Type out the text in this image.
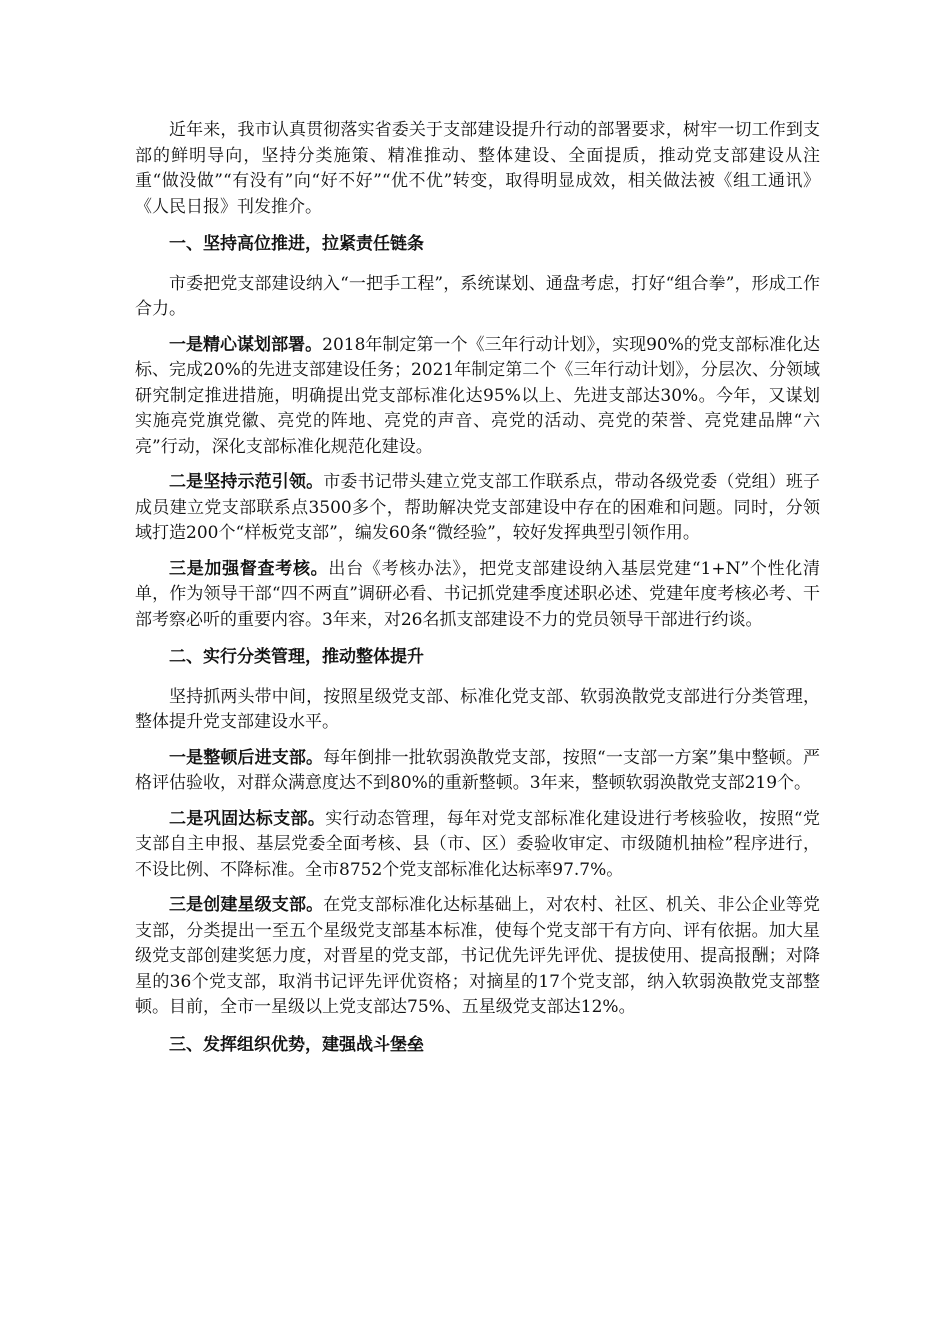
近年来，我市认真贯彻落实省委关于支部建设提升行动的部署要求，树牢一切工作到支部的鲜明导向，坚持分类施策、精准推动、整体建设、全面提质，推动党支部建设从注重“做没做”“有没有”向“好不好”“优不优”转变，取得明显成效，相关做法被《组工通讯》《人民日报》刊发推介。

一、坚持高位推进，拉紧责任链条

市委把党支部建设纳入“一把手工程”，系统谋划、通盘考虑，打好“组合拳”，形成工作合力。

一是精心谋划部署。2018年制定第一个《三年行动计划》，实现90%的党支部标准化达标、完成20%的先进支部建设任务；2021年制定第二个《三年行动计划》，分层次、分领域研究制定推进措施，明确提出党支部标准化达95%以上、先进支部达30%。今年，又谋划实施亮党旗党徽、亮党的阵地、亮党的声音、亮党的活动、亮党的荣誉、亮党建品牌“六亮”行动，深化支部标准化规范化建设。

二是坚持示范引领。市委书记带头建立党支部工作联系点，带动各级党委（党组）班子成员建立党支部联系点3500多个，帮助解决党支部建设中存在的困难和问题。同时，分领域打造200个“样板党支部”，编发60条“微经验”，较好发挥典型引领作用。

三是加强督查考核。出台《考核办法》，把党支部建设纳入基层党建“1+N”个性化清单，作为领导干部“四不两直”调研必看、书记抓党建季度述职必述、党建年度考核必考、干部考察必听的重要内容。3年来，对26名抓支部建设不力的党员领导干部进行约谈。

二、实行分类管理，推动整体提升

坚持抓两头带中间，按照星级党支部、标准化党支部、软弱涣散党支部进行分类管理，整体提升党支部建设水平。

一是整顿后进支部。每年倒排一批软弱涣散党支部，按照“一支部一方案”集中整顿。严格评估验收，对群众满意度达不到80%的重新整顿。3年来，整顿软弱涣散党支部219个。

二是巩固达标支部。实行动态管理，每年对党支部标准化建设进行考核验收，按照“党支部自主申报、基层党委全面考核、县（市、区）委验收审定、市级随机抽检”程序进行，不设比例、不降标准。全市8752个党支部标准化达标率97.7%。

三是创建星级支部。在党支部标准化达标基础上，对农村、社区、机关、非公企业等党支部，分类提出一至五个星级党支部基本标准，使每个党支部干有方向、评有依据。加大星级党支部创建奖惩力度，对晋星的党支部，书记优先评先评优、提拔使用、提高报酬；对降星的36个党支部，取消书记评先评优资格；对摘星的17个党支部，纳入软弱涣散党支部整顿。目前，全市一星级以上党支部达75%、五星级党支部达12%。

三、发挥组织优势，建强战斗堡垒
